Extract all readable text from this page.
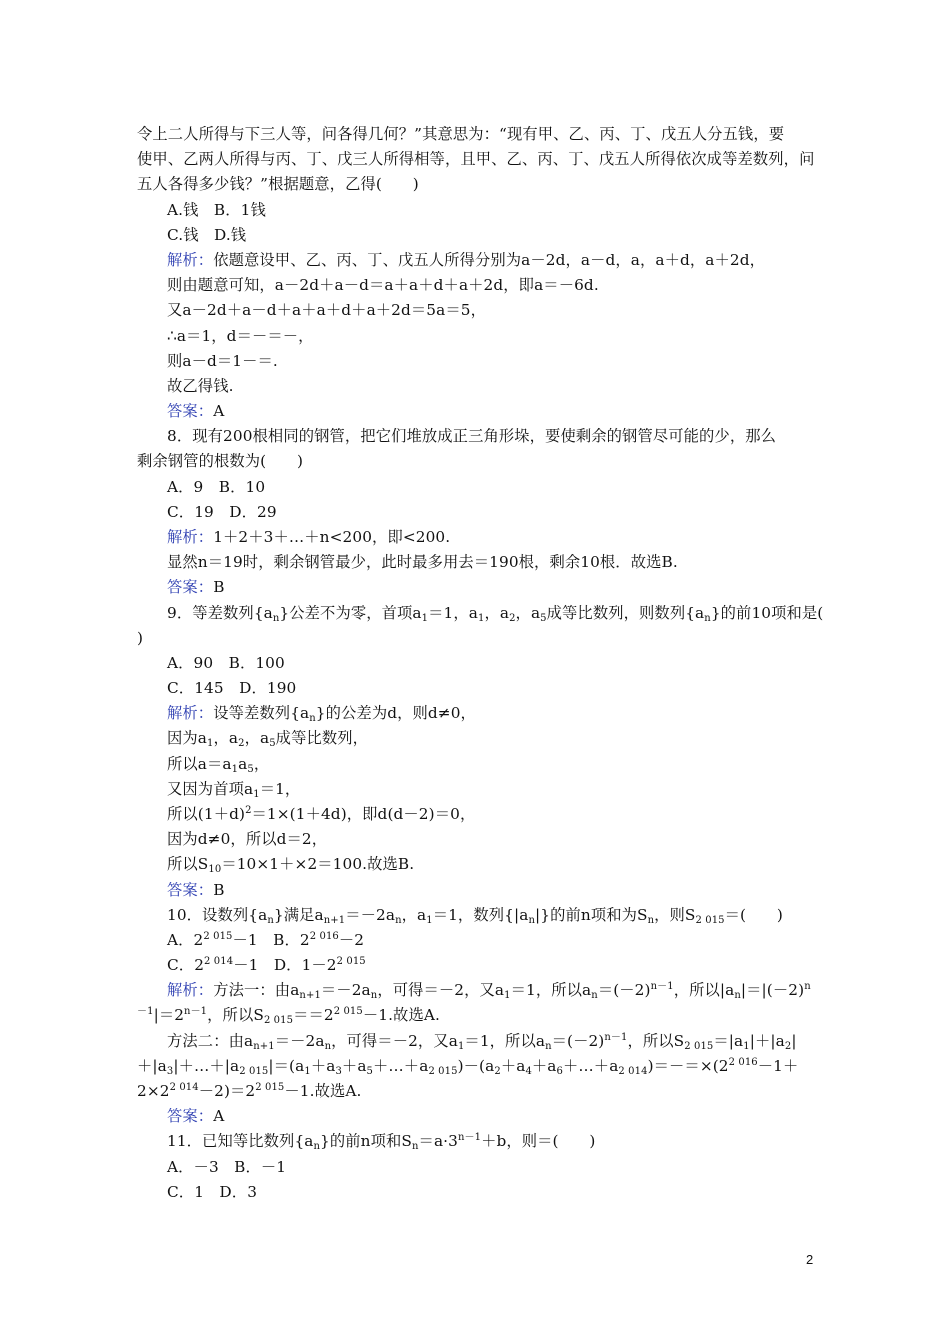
令上二人所得与下三人等，问各得几何？”其意思为：“现有甲、乙、丙、丁、戊五人分五钱，要
使甲、乙两人所得与丙、丁、戊三人所得相等，且甲、乙、丙、丁、戊五人所得依次成等差数列，问
五人各得多少钱？”根据题意，乙得(　　)
A.钱　B．1钱
C.钱　D.钱
解析：依题意设甲、乙、丙、丁、戊五人所得分别为a－2d，a－d，a，a＋d，a＋2d，
则由题意可知，a－2d＋a－d＝a＋a＋d＋a＋2d，即a＝－6d.
又a－2d＋a－d＋a＋a＋d＋a＋2d＝5a＝5，
∴a＝1，d＝－＝－，
则a－d＝1－＝.
故乙得钱.
答案：A
8．现有200根相同的钢管，把它们堆放成正三角形垛，要使剩余的钢管尽可能的少，那么
剩余钢管的根数为(　　)
A．9　B．10
C．19　D．29
解析：1＋2＋3＋…＋n<200，即<200.
显然n＝19时，剩余钢管最少，此时最多用去＝190根，剩余10根．故选B.
答案：B
9．等差数列$\{a_n\}$公差不为零，首项$a_1=1$，$a_1$，$a_2$，$a_5$成等比数列，则数列$\{a_n\}$的前10项和是(
)
A．90　B．100
C．145　D．190
解析：设等差数列$\{a_n\}$的公差为d，则d≠0，
因为$a_1$，$a_2$，$a_5$成等比数列，
所以$a=a_1a_5$，
又因为首项$a_1=1$，
所以$(1+d)^2=1\times(1+4d)$，即d(d－2)＝0，
因为d≠0，所以d＝2，
所以$S_{10}=10\times 1+\times 2=100$.故选B.
答案：B
10．设数列$\{a_n\}$满足$a_{n+1}=-2a_n$，$a_1=1$，数列$\{|a_n|\}$的前n项和为$S_n$，则$S_{2 015}=$(　　)
A．$2^{2 015}-1$　B．$2^{2 016}-2$
C．$2^{2 014}-1$　D．$1-2^{2 015}$
解析：方法一：由$a_{n+1}=-2a_n$，可得＝－2，又$a_1=1$，所以$a_n=(-2)^{n-1}$，所以$|a_n|=|(-2)^n$
$^{-1}|=2^{n-1}$，所以$S_{2 015}==2^{2 015}-1$.故选A.
方法二：由$a_{n+1}=-2a_n$，可得＝－2，又$a_1=1$，所以$a_n=(-2)^{n-1}$，所以$S_{2 015}=|a_1|+|a_2|$
$+|a_3|+\dots+|a_{2 015}|=(a_1+a_3+a_5+\dots+a_{2 015})-(a_2+a_4+a_6+\dots+a_{2 014})=-=\times(2^{2 016}-1+$
$2\times 2^{2 014}-2)=2^{2 015}-1$.故选A.
答案：A
11．已知等比数列$\{a_n\}$的前n项和$S_n=a\cdot 3^{n-1}+b$，则＝(　　)
A．－3　B．－1
C．1　D．3
2
